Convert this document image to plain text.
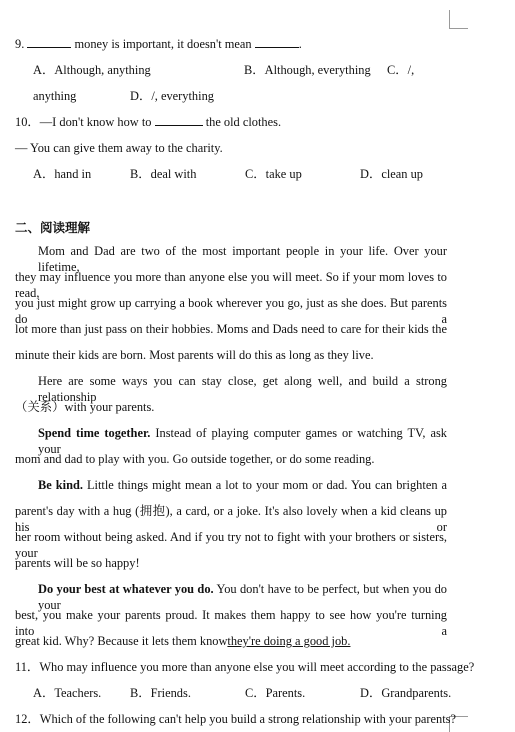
9.	money is important, it doesn't mean	.
A．Although, anything	B．Although, everything C．/,
anything	D．/, everything
10．—I don't know how to	the old clothes.
— You can give them away to the charity.
A．hand in	B．deal with	C．take up	D．clean up
二、阅读理解
Mom and Dad are two of the most important people in your life. Over your lifetime,
they may influence you more than anyone else you will meet. So if your mom loves to read,
you just might grow up carrying a book wherever you go, just as she does. But parents do a
lot more than just pass on their hobbies. Moms and Dads need to care for their kids the
minute their kids are born. Most parents will do this as long as they live.
Here are some ways you can stay close, get along well, and build a strong relationship
（关系）with your parents.
Spend time together. Instead of playing computer games or watching TV, ask your
mom and dad to play with you. Go outside together, or do some reading.
Be kind. Little things might mean a lot to your mom or dad. You can brighten a
parent's day with a hug (拥抱), a card, or a joke. It's also lovely when a kid cleans up his or
her room without being asked. And if you try not to fight with your brothers or sisters, your
parents will be so happy!
Do your best at whatever you do. You don't have to be perfect, but when you do your
best, you make your parents proud. It makes them happy to see how you're turning into a
great kid. Why? Because it lets them knowthey're doing a good job.
11．Who may influence you more than anyone else you will meet according to the passage?
A．Teachers. B．Friends.	C．Parents.	D．Grandparents.
12．Which of the following can't help you build a strong relationship with your parents?
